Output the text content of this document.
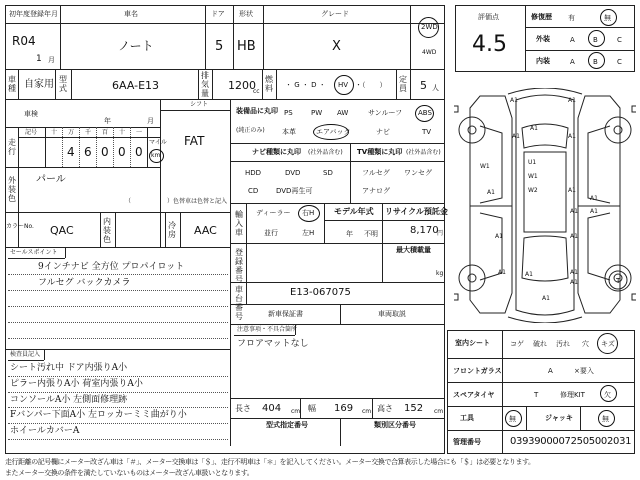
初年度登録年月	車名	ドア 形状	グレード
R04
1 月
ノート	5 HB	X
2WD
4WD
車種 自家用 型式	6AA-E13
排気量
1200
cc
燃料 ・ G ・ D ・ HV ・（　　）
定員 5 人
車検
年	月
シフト
FAT
走行
記号 十 万 千 百 十 一
4 6 0 0 0
マイル
km
外装色
パール
（　　　　　　）色替車は色替と記入
カラーNo. QAC
内装色
冷房 AAC
セールスポイント
9インチナビ 全方位 プロパイロット
フルセグ バックカメラ
検査員記入
シート汚れ中 ドア内張りA小
ピラー内張りA小 荷室内張りA小
コンソールA小 左側面修理跡
Fバンパー下面A小 左ロッカーミミ曲がり小
ホイールカバーA
装備品に丸印
(純正のみ)
PS	PW AW	サンルーフ ABS
本革	エアバック	ナビ	TV
ナビ種類に丸印 (社外品含む) TV種類に丸印 (社外品含む)
HDD	DVD	SD
CD	DVD再生可
フルセグ ワンセグ
アナログ
輸入車
ディーラー 右H
並行	左H
モデル年式
年 不明
リサイクル預託金
8,170
円
登録番号
最大積載量
kg
車台番号
E13-067075
新車保証書	車両取説
注意事項・不具合箇所
フロアマットなし
長さ 404 cm 幅 169 cm 高さ 152 cm
型式指定番号	類別区分番号
評価点
4.5
修復歴 有	無
外装	A	B	C
内装	A	B	C
T
A1	A1
A1
A1	A1
U1
W1
W1
W2
A1	A1
A1
A1 A1
A1	A1
A1	A1	A1
A1
A1
室内シート	コゲ 破れ 汚れ 穴 キズ
フロントガラス	A	×要入
スペアタイヤ	T	修理KIT	欠
工具	無	ジャッキ	無
管理番号	03939000072505002031
走行距離の記号欄にメーター改ざん車は「＃」、メーター交換車は「＄」、走行不明車は「＊」を記入してください。メーター交換で合算表示した場合にも「＄」は必要となります。
またメーター交換の条件を満たしていないものはメーター改ざん車扱いとなります。
